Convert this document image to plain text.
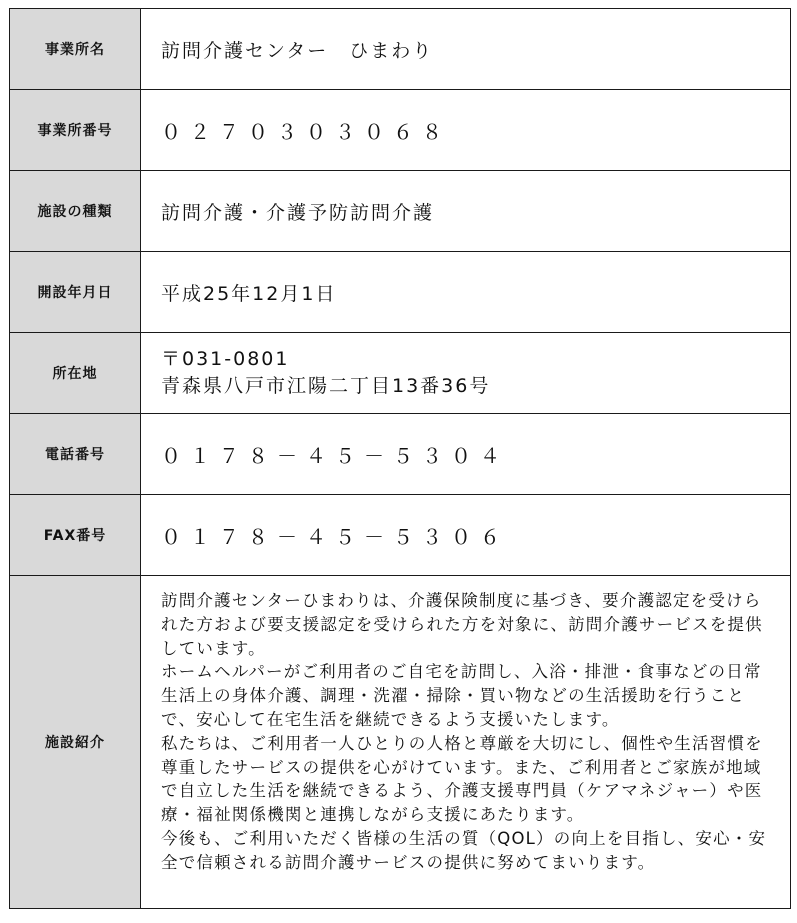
事業所名	訪問介護センター　ひまわり
事業所番号	０２７０３０３０６８
施設の種類	訪問介護・介護予防訪問介護
開設年月日	平成25年12月1日
所在地	〒031-0801
青森県八戸市江陽二丁目13番36号

電話番号	０１７８－４５－５３０４
FAX番号	０１７８－４５－５３０６
施設紹介	訪問介護センターひまわりは、介護保険制度に基づき、要介護認定を受けられた方および要支援認定を受けられた方を対象に、訪問介護サービスを提供しています。
ホームヘルパーがご利用者のご自宅を訪問し、入浴・排泄・食事などの日常生活上の身体介護、調理・洗濯・掃除・買い物などの生活援助を行うことで、安心して在宅生活を継続できるよう支援いたします。
私たちは、ご利用者一人ひとりの人格と尊厳を大切にし、個性や生活習慣を尊重したサービスの提供を心がけています。また、ご利用者とご家族が地域で自立した生活を継続できるよう、介護支援専門員（ケアマネジャー）や医療・福祉関係機関と連携しながら支援にあたります。
今後も、ご利用いただく皆様の生活の質（QOL）の向上を目指し、安心・安全で信頼される訪問介護サービスの提供に努めてまいります。
